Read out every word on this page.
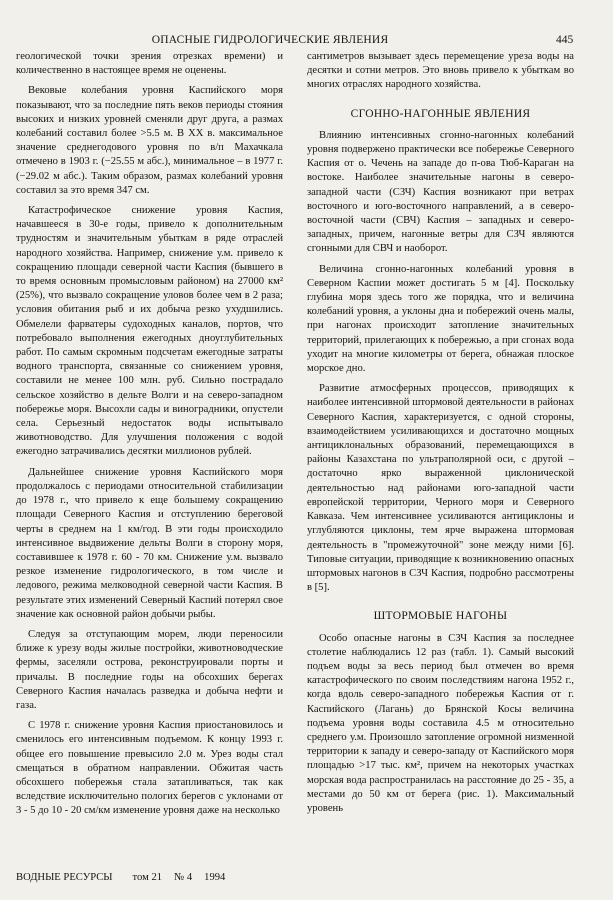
ОПАСНЫЕ ГИДРОЛОГИЧЕСКИЕ ЯВЛЕНИЯ	445

геологической точки зрения отрезках времени) и количественно в настоящее время не оценены.

Вековые колебания уровня Каспийского моря показывают, что за последние пять веков периоды стояния высоких и низких уровней сменяли друг друга, а размах колебаний составил более >5.5 м. В XX в. максимальное значение среднегодового уровня по в/п Махачкала отмечено в 1903 г. (−25.55 м абс.), минимальное – в 1977 г. (−29.02 м абс.). Таким образом, размах колебаний уровня составил за это время 347 см.

Катастрофическое снижение уровня Каспия, начавшееся в 30-е годы, привело к дополнительным трудностям и значительным убыткам в ряде отраслей народного хозяйства. Например, снижение у.м. привело к сокращению площади северной части Каспия (бывшего в то время основным промысловым районом) на 27000 км² (25%), что вызвало сокращение уловов более чем в 2 раза; условия обитания рыб и их добыча резко ухудшились. Обмелели фарватеры судоходных каналов, портов, что потребовало выполнения ежегодных дноуглубительных работ. По самым скромным подсчетам ежегодные затраты водного транспорта, связанные со снижением уровня, составили не менее 100 млн. руб. Сильно пострадало сельское хозяйство в дельте Волги и на северо-западном побережье моря. Высохли сады и виноградники, опустели села. Серьезный недостаток воды испытывало животноводство. Для улучшения положения с водой ежегодно затрачивались десятки миллионов рублей.

Дальнейшее снижение уровня Каспийского моря продолжалось с периодами относительной стабилизации до 1978 г., что привело к еще большему сокращению площади Северного Каспия и отступлению береговой черты в среднем на 1 км/год. В эти годы происходило интенсивное выдвижение дельты Волги в сторону моря, составившее к 1978 г. 60 - 70 км. Снижение у.м. вызвало резкое изменение гидрологического, в том числе и ледового, режима мелководной северной части Каспия. В результате этих изменений Северный Каспий потерял свое значение как основной район добычи рыбы.

Следуя за отступающим морем, люди переносили ближе к урезу воды жилые постройки, животноводческие фермы, заселяли острова, реконструировали порты и причалы. В последние годы на обсохших берегах Северного Каспия началась разведка и добыча нефти и газа.

С 1978 г. снижение уровня Каспия приостановилось и сменилось его интенсивным подъемом. К концу 1993 г. общее его повышение превысило 2.0 м. Урез воды стал смещаться в обратном направлении. Обжитая часть обсохшего побережья стала затапливаться, так как вследствие исключительно пологих берегов с уклонами от 3 - 5 до 10 - 20 см/км изменение уровня даже на несколько

сантиметров вызывает здесь перемещение уреза воды на десятки и сотни метров. Это вновь привело к убыткам во многих отраслях народного хозяйства.

СГОННО-НАГОННЫЕ ЯВЛЕНИЯ

Влиянию интенсивных сгонно-нагонных колебаний уровня подвержено практически все побережье Северного Каспия от о. Чечень на западе до п-ова Тюб-Караган на востоке. Наиболее значительные нагоны в северо-западной части (СЗЧ) Каспия возникают при ветрах восточного и юго-восточного направлений, а в северо-восточной части (СВЧ) Каспия – западных и северо-западных, причем, нагонные ветры для СЗЧ являются сгонными для СВЧ и наоборот.

Величина сгонно-нагонных колебаний уровня в Северном Каспии может достигать 5 м [4]. Поскольку глубина моря здесь того же порядка, что и величина колебаний уровня, а уклоны дна и побережий очень малы, при нагонах происходит затопление значительных территорий, прилегающих к побережью, а при сгонах вода уходит на многие километры от берега, обнажая плоское морское дно.

Развитие атмосферных процессов, приводящих к наиболее интенсивной штормовой деятельности в районах Северного Каспия, характеризуется, с одной стороны, взаимодействием усиливающихся и достаточно мощных антициклональных образований, перемещающихся в районы Казахстана по ультраполярной оси, с другой – достаточно ярко выраженной циклонической деятельностью над районами юго-западной части европейской территории, Черного моря и Северного Кавказа. Чем интенсивнее усиливаются антициклоны и углубляются циклоны, тем ярче выражена штормовая деятельность в "промежуточной" зоне между ними [6]. Типовые ситуации, приводящие к возникновению опасных штормовых нагонов в СЗЧ Каспия, подробно рассмотрены в [5].

ШТОРМОВЫЕ НАГОНЫ

Особо опасные нагоны в СЗЧ Каспия за последнее столетие наблюдались 12 раз (табл. 1). Самый высокий подъем воды за весь период был отмечен во время катастрофического по своим последствиям нагона 1952 г., когда вдоль северо-западного побережья Каспия от г. Каспийского (Лагань) до Брянской Косы величина подъема уровня воды составила 4.5 м относительно среднего у.м. Произошло затопление огромной низменной территории к западу и северо-западу от Каспийского моря площадью >17 тыс. км², причем на некоторых участках морская вода распространилась на расстояние до 25 - 35, а местами до 50 км от берега (рис. 1). Максимальный уровень

ВОДНЫЕ РЕСУРСЫ том 21 № 4 1994
